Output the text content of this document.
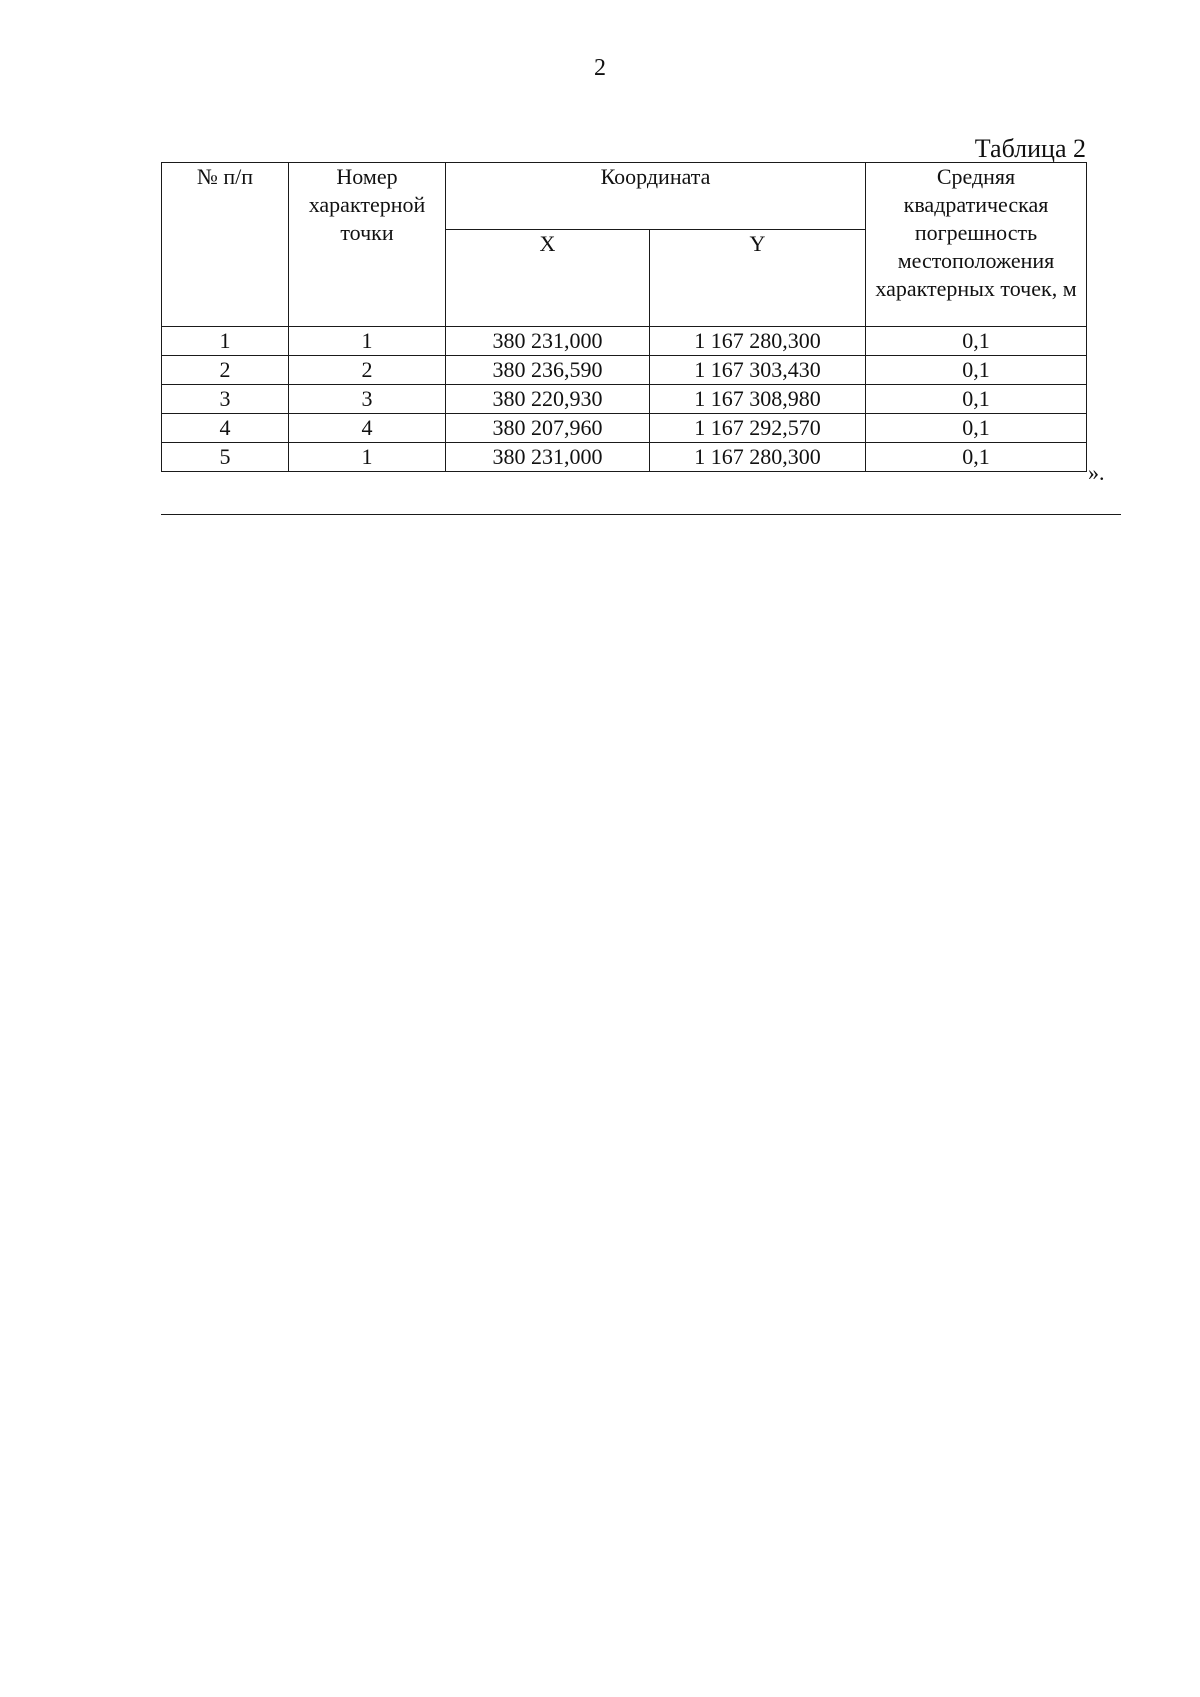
2
Таблица 2
№ п/п	Номер характерной точки	Координата		Средняя квадратическая погрешность местоположения характерных точек, м
		X	Y	
1	1	380 231,000	1 167 280,300	0,1
2	2	380 236,590	1 167 303,430	0,1
3	3	380 220,930	1 167 308,980	0,1
4	4	380 207,960	1 167 292,570	0,1
5	1	380 231,000	1 167 280,300	0,1
».
